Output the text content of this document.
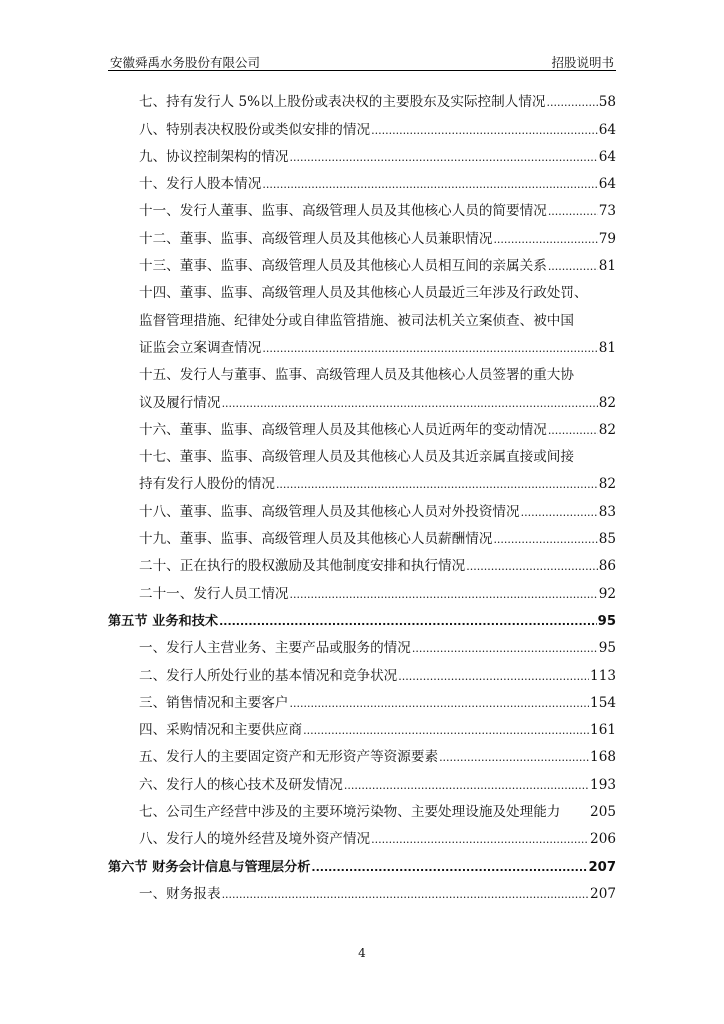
安徽舜禹水务股份有限公司	招股说明书
七、持有发行人 5%以上股份或表决权的主要股东及实际控制人情况 .....	58
八、特别表决权股份或类似安排的情况 .....	64
九、协议控制架构的情况 .....	64
十、发行人股本情况 .....	64
十一、发行人董事、监事、高级管理人员及其他核心人员的简要情况 .....	73
十二、董事、监事、高级管理人员及其他核心人员兼职情况 .....	79
十三、董事、监事、高级管理人员及其他核心人员相互间的亲属关系 .....	81
十四、董事、监事、高级管理人员及其他核心人员最近三年涉及行政处罚、
监督管理措施、纪律处分或自律监管措施、被司法机关立案侦查、被中国
证监会立案调查情况 .....	81
十五、发行人与董事、监事、高级管理人员及其他核心人员签署的重大协
议及履行情况 .....	82
十六、董事、监事、高级管理人员及其他核心人员近两年的变动情况 .....	82
十七、董事、监事、高级管理人员及其他核心人员及其近亲属直接或间接
持有发行人股份的情况 .....	82
十八、董事、监事、高级管理人员及其他核心人员对外投资情况 .....	83
十九、董事、监事、高级管理人员及其他核心人员薪酬情况 .....	85
二十、正在执行的股权激励及其他制度安排和执行情况 .....	86
二十一、发行人员工情况 .....	92
第五节 业务和技术 .....	95
一、发行人主营业务、主要产品或服务的情况 .....	95
二、发行人所处行业的基本情况和竞争状况 .....	113
三、销售情况和主要客户 .....	154
四、采购情况和主要供应商 .....	161
五、发行人的主要固定资产和无形资产等资源要素 .....	168
六、发行人的核心技术及研发情况 .....	193
七、公司生产经营中涉及的主要环境污染物、主要处理设施及处理能力 205
八、发行人的境外经营及境外资产情况 .....	206
第六节 财务会计信息与管理层分析 .....	207
一、财务报表 .....	207
4
